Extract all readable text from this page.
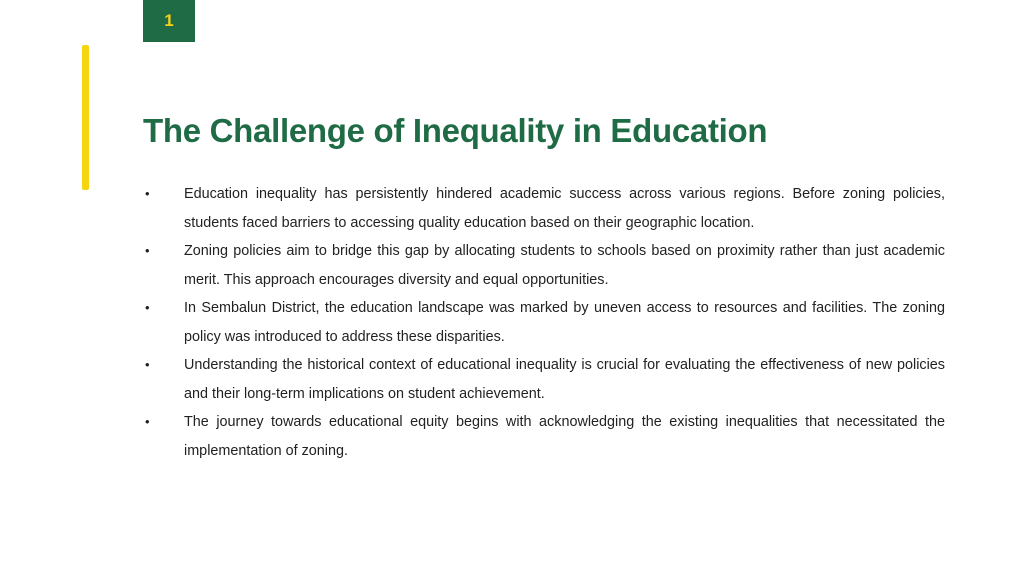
1
The Challenge of Inequality in Education
•	Education inequality has persistently hindered academic success across various regions. Before zoning policies, students faced barriers to accessing quality education based on their geographic location.
•	Zoning policies aim to bridge this gap by allocating students to schools based on proximity rather than just academic merit. This approach encourages diversity and equal opportunities.
•	In Sembalun District, the education landscape was marked by uneven access to resources and facilities. The zoning policy was introduced to address these disparities.
•	Understanding the historical context of educational inequality is crucial for evaluating the effectiveness of new policies and their long-term implications on student achievement.
•	The journey towards educational equity begins with acknowledging the existing inequalities that necessitated the implementation of zoning.
